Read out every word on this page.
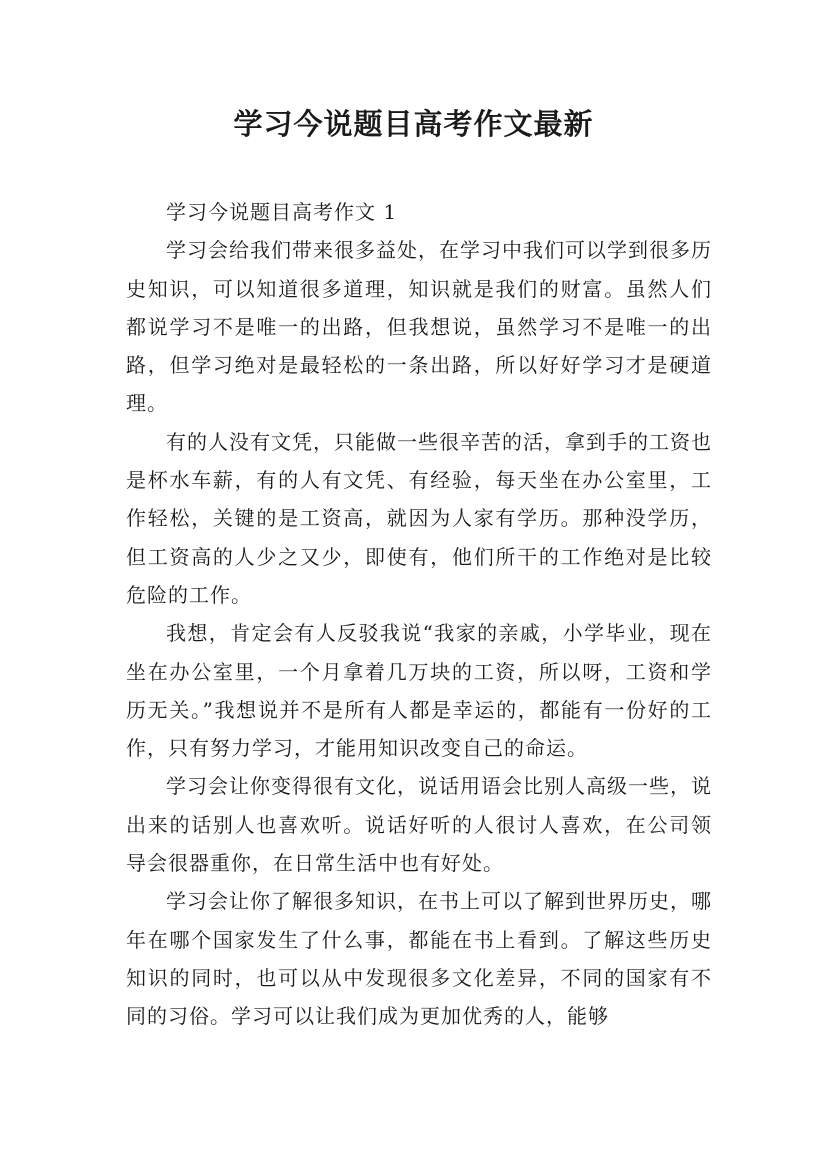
学习今说题目高考作文最新

学习今说题目高考作文 1

学习会给我们带来很多益处，在学习中我们可以学到很多历史知识，可以知道很多道理，知识就是我们的财富。虽然人们都说学习不是唯一的出路，但我想说，虽然学习不是唯一的出路，但学习绝对是最轻松的一条出路，所以好好学习才是硬道理。

有的人没有文凭，只能做一些很辛苦的活，拿到手的工资也是杯水车薪，有的人有文凭、有经验，每天坐在办公室里，工作轻松，关键的是工资高，就因为人家有学历。那种没学历，但工资高的人少之又少，即使有，他们所干的工作绝对是比较危险的工作。

我想，肯定会有人反驳我说“我家的亲戚，小学毕业，现在坐在办公室里，一个月拿着几万块的工资，所以呀，工资和学历无关。”我想说并不是所有人都是幸运的，都能有一份好的工作，只有努力学习，才能用知识改变自己的命运。

学习会让你变得很有文化，说话用语会比别人高级一些，说出来的话别人也喜欢听。说话好听的人很讨人喜欢，在公司领导会很器重你，在日常生活中也有好处。

学习会让你了解很多知识，在书上可以了解到世界历史，哪年在哪个国家发生了什么事，都能在书上看到。了解这些历史知识的同时，也可以从中发现很多文化差异，不同的国家有不同的习俗。学习可以让我们成为更加优秀的人，能够
